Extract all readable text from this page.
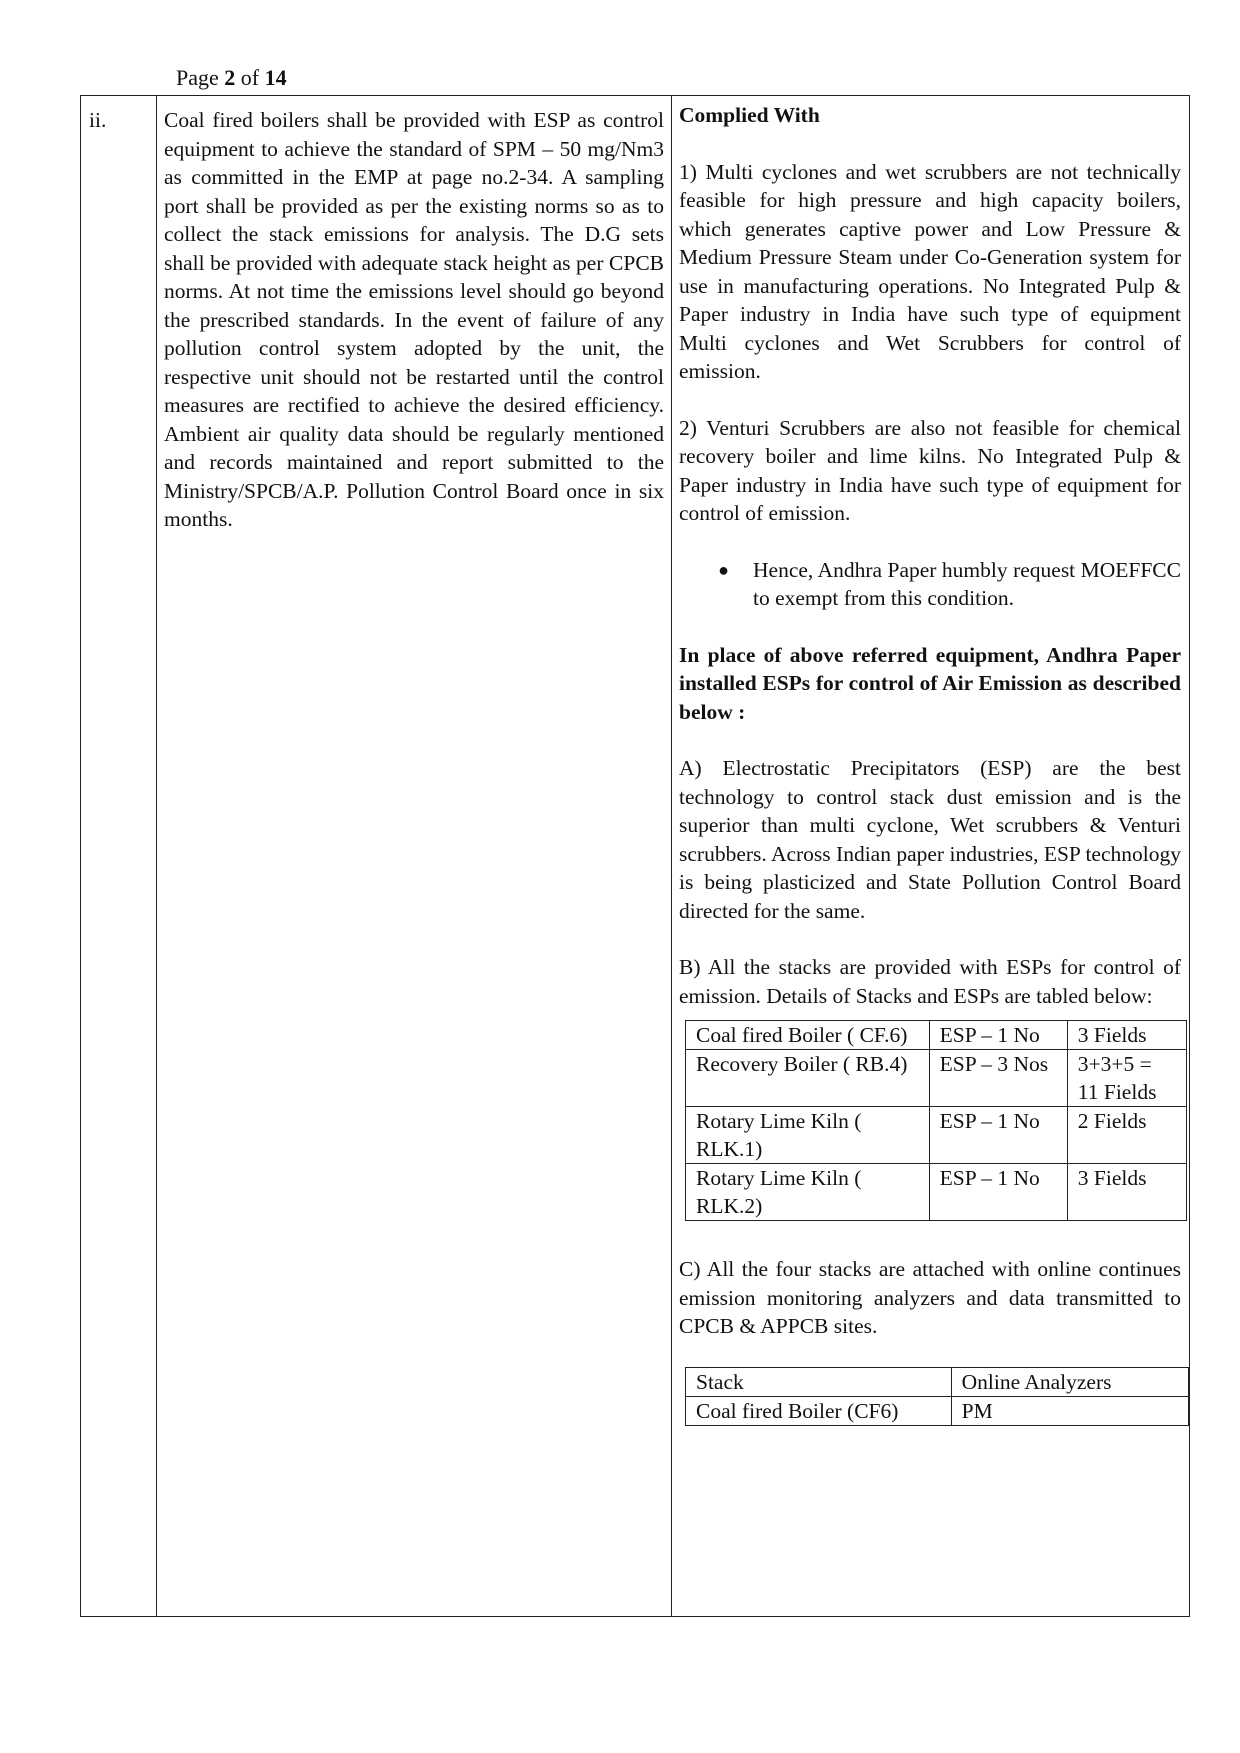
Page 2 of 14
ii.	Coal fired boilers shall be provided with ESP as control equipment to achieve the standard of SPM – 50 mg/Nm3 as committed in the EMP at page no.2-34. A sampling port shall be provided as per the existing norms so as to collect the stack emissions for analysis. The D.G sets shall be provided with adequate stack height as per CPCB norms. At not time the emissions level should go beyond the prescribed standards. In the event of failure of any pollution control system adopted by the unit, the respective unit should not be restarted until the control measures are rectified to achieve the desired efficiency. Ambient air quality data should be regularly mentioned and records maintained and report submitted to the Ministry/SPCB/A.P. Pollution Control Board once in six months.
Complied With

1) Multi cyclones and wet scrubbers are not technically feasible for high pressure and high capacity boilers, which generates captive power and Low Pressure & Medium Pressure Steam under Co-Generation system for use in manufacturing operations. No Integrated Pulp & Paper industry in India have such type of equipment Multi cyclones and Wet Scrubbers for control of emission.

2) Venturi Scrubbers are also not feasible for chemical recovery boiler and lime kilns. No Integrated Pulp & Paper industry in India have such type of equipment for control of emission.

●	Hence, Andhra Paper humbly request MOEFFCC to exempt from this condition.

In place of above referred equipment, Andhra Paper installed ESPs for control of Air Emission as described below :

A) Electrostatic Precipitators (ESP) are the best technology to control stack dust emission and is the superior than multi cyclone, Wet scrubbers & Venturi scrubbers. Across Indian paper industries, ESP technology is being plasticized and State Pollution Control Board directed for the same.

B) All the stacks are provided with ESPs for control of emission. Details of Stacks and ESPs are tabled below:

Coal fired Boiler ( CF.6)	ESP – 1 No	3 Fields
Recovery Boiler ( RB.4)	ESP – 3 Nos	3+3+5 = 11 Fields
Rotary Lime Kiln ( RLK.1)	ESP – 1 No	2 Fields
Rotary Lime Kiln ( RLK.2)	ESP – 1 No	3 Fields

C) All the four stacks are attached with online continues emission monitoring analyzers and data transmitted to CPCB & APPCB sites.

Stack	Online Analyzers
Coal fired Boiler (CF6)	PM
